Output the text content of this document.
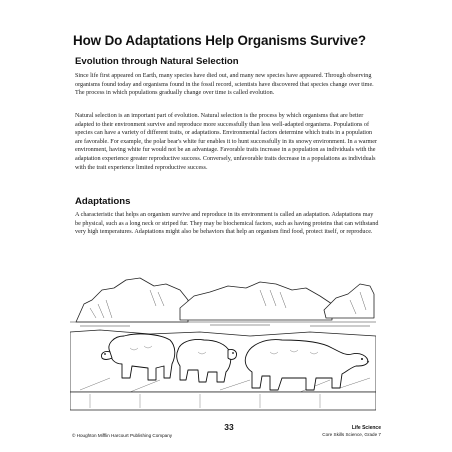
How Do Adaptations Help Organisms Survive?
Evolution through Natural Selection

Since life first appeared on Earth, many species have died out, and many new species have appeared. Through observing organisms found today and organisms found in the fossil record, scientists have discovered that species change over time. The process in which populations gradually change over time is called evolution.

Natural selection is an important part of evolution. Natural selection is the process by which organisms that are better adapted to their environment survive and reproduce more successfully than less well-adapted organisms. Populations of species can have a variety of different traits, or adaptations. Environmental factors determine which traits in a population are favorable. For example, the polar bear's white fur enables it to hunt successfully in its snowy environment. In a warmer environment, having white fur would not be an advantage. Favorable traits increase in a population as individuals with the adaptation experience greater reproductive success. Conversely, unfavorable traits decrease in a populations as individuals with the trait experience limited reproductive success.

Adaptations

A characteristic that helps an organism survive and reproduce in its environment is called an adaptation. Adaptations may be physical, such as a long neck or striped fur. They may be biochemical factors, such as having proteins that can withstand very high temperatures. Adaptations might also be behaviors that help an organism find food, protect itself, or reproduce.

© Houghton Mifflin Harcourt Publishing Company
33	Life Science
Core Skills Science, Grade 7
